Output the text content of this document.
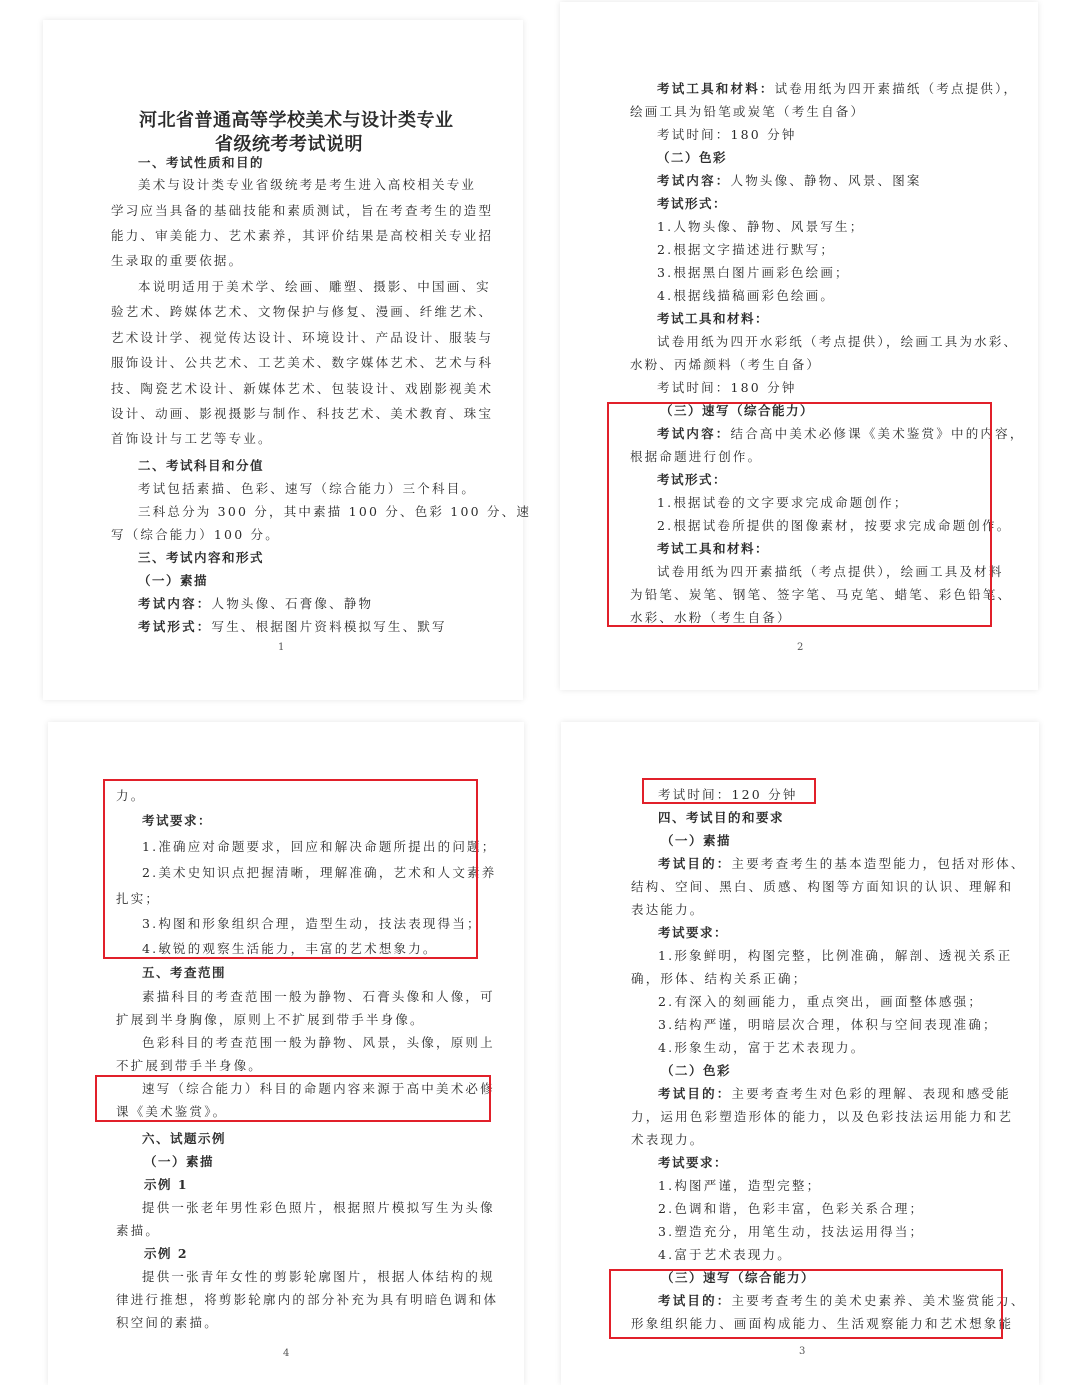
河北省普通高等学校美术与设计类专业
省级统考考试说明
一、考试性质和目的
美术与设计类专业省级统考是考生进入高校相关专业
学习应当具备的基础技能和素质测试，旨在考查考生的造型
能力、审美能力、艺术素养，其评价结果是高校相关专业招
生录取的重要依据。
本说明适用于美术学、绘画、雕塑、摄影、中国画、实
验艺术、跨媒体艺术、文物保护与修复、漫画、纤维艺术、
艺术设计学、视觉传达设计、环境设计、产品设计、服装与
服饰设计、公共艺术、工艺美术、数字媒体艺术、艺术与科
技、陶瓷艺术设计、新媒体艺术、包装设计、戏剧影视美术
设计、动画、影视摄影与制作、科技艺术、美术教育、珠宝
首饰设计与工艺等专业。
二、考试科目和分值
考试包括素描、色彩、速写（综合能力）三个科目。
三科总分为 300 分，其中素描 100 分、色彩 100 分、速
写（综合能力）100 分。
三、考试内容和形式
（一）素描
考试内容：人物头像、石膏像、静物
考试形式：写生、根据图片资料模拟写生、默写
1
考试工具和材料：试卷用纸为四开素描纸（考点提供），
绘画工具为铅笔或炭笔（考生自备）
考试时间：180 分钟
（二）色彩
考试内容：人物头像、静物、风景、图案
考试形式：
1.人物头像、静物、风景写生；
2.根据文字描述进行默写；
3.根据黑白图片画彩色绘画；
4.根据线描稿画彩色绘画。
考试工具和材料：
试卷用纸为四开水彩纸（考点提供），绘画工具为水彩、
水粉、丙烯颜料（考生自备）
考试时间：180 分钟
（三）速写（综合能力）
考试内容：结合高中美术必修课《美术鉴赏》中的内容，
根据命题进行创作。
考试形式：
1.根据试卷的文字要求完成命题创作；
2.根据试卷所提供的图像素材，按要求完成命题创作。
考试工具和材料：
试卷用纸为四开素描纸（考点提供），绘画工具及材料
为铅笔、炭笔、钢笔、签字笔、马克笔、蜡笔、彩色铅笔、
水彩、水粉（考生自备）
2
力。
考试要求：
1.准确应对命题要求，回应和解决命题所提出的问题；
2.美术史知识点把握清晰，理解准确，艺术和人文素养
扎实；
3.构图和形象组织合理，造型生动，技法表现得当；
4.敏锐的观察生活能力，丰富的艺术想象力。
五、考查范围
素描科目的考查范围一般为静物、石膏头像和人像，可
扩展到半身胸像，原则上不扩展到带手半身像。
色彩科目的考查范围一般为静物、风景，头像，原则上
不扩展到带手半身像。
速写（综合能力）科目的命题内容来源于高中美术必修
课《美术鉴赏》。
六、试题示例
（一）素描
示例 1
提供一张老年男性彩色照片，根据照片模拟写生为头像
素描。
示例 2
提供一张青年女性的剪影轮廓图片，根据人体结构的规
律进行推想，将剪影轮廓内的部分补充为具有明暗色调和体
积空间的素描。
4
考试时间：120 分钟
四、考试目的和要求
（一）素描
考试目的：主要考查考生的基本造型能力，包括对形体、
结构、空间、黑白、质感、构图等方面知识的认识、理解和
表达能力。
考试要求：
1.形象鲜明，构图完整，比例准确，解剖、透视关系正
确，形体、结构关系正确；
2.有深入的刻画能力，重点突出，画面整体感强；
3.结构严谨，明暗层次合理，体积与空间表现准确；
4.形象生动，富于艺术表现力。
（二）色彩
考试目的：主要考查考生对色彩的理解、表现和感受能
力，运用色彩塑造形体的能力，以及色彩技法运用能力和艺
术表现力。
考试要求：
1.构图严谨，造型完整；
2.色调和谐，色彩丰富，色彩关系合理；
3.塑造充分，用笔生动，技法运用得当；
4.富于艺术表现力。
（三）速写（综合能力）
考试目的：主要考查考生的美术史素养、美术鉴赏能力、
形象组织能力、画面构成能力、生活观察能力和艺术想象能
3
